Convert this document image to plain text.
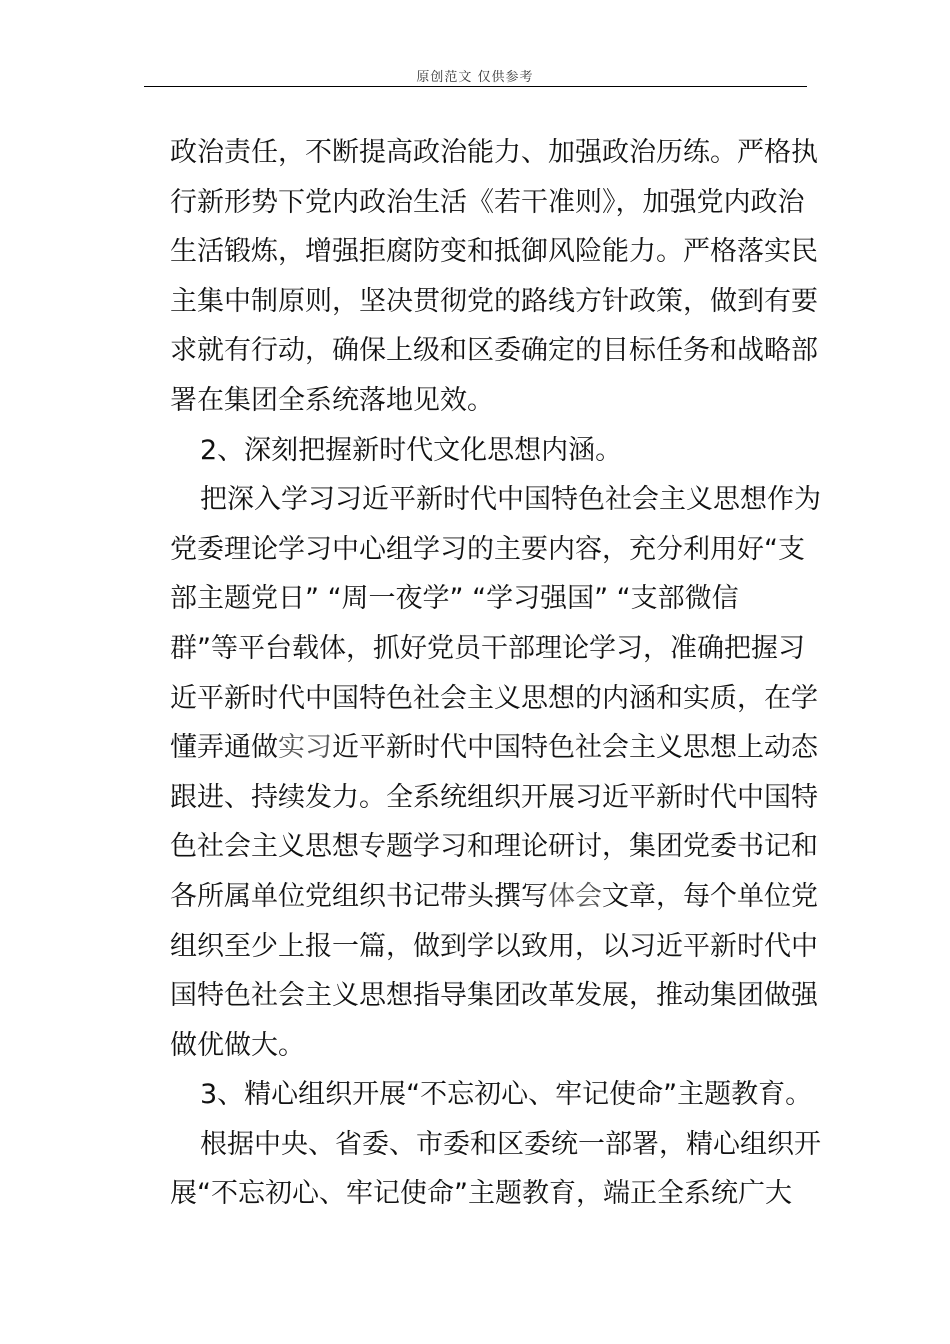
原创范文 仅供参考
政治责任，不断提高政治能力、加强政治历练。严格执
行新形势下党内政治生活《若干准则》，加强党内政治
生活锻炼，增强拒腐防变和抵御风险能力。严格落实民
主集中制原则，坚决贯彻党的路线方针政策，做到有要
求就有行动，确保上级和区委确定的目标任务和战略部
署在集团全系统落地见效。
2、深刻把握新时代文化思想内涵。
把深入学习习近平新时代中国特色社会主义思想作为
党委理论学习中心组学习的主要内容，充分利用好“支
部主题党日” “周一夜学” “学习强国” “支部微信
群”等平台载体，抓好党员干部理论学习，准确把握习
近平新时代中国特色社会主义思想的内涵和实质，在学
懂弄通做实习近平新时代中国特色社会主义思想上动态
跟进、持续发力。全系统组织开展习近平新时代中国特
色社会主义思想专题学习和理论研讨，集团党委书记和
各所属单位党组织书记带头撰写体会文章，每个单位党
组织至少上报一篇，做到学以致用，以习近平新时代中
国特色社会主义思想指导集团改革发展，推动集团做强
做优做大。
3、精心组织开展“不忘初心、牢记使命”主题教育。
根据中央、省委、市委和区委统一部署，精心组织开
展“不忘初心、牢记使命”主题教育，端正全系统广大
